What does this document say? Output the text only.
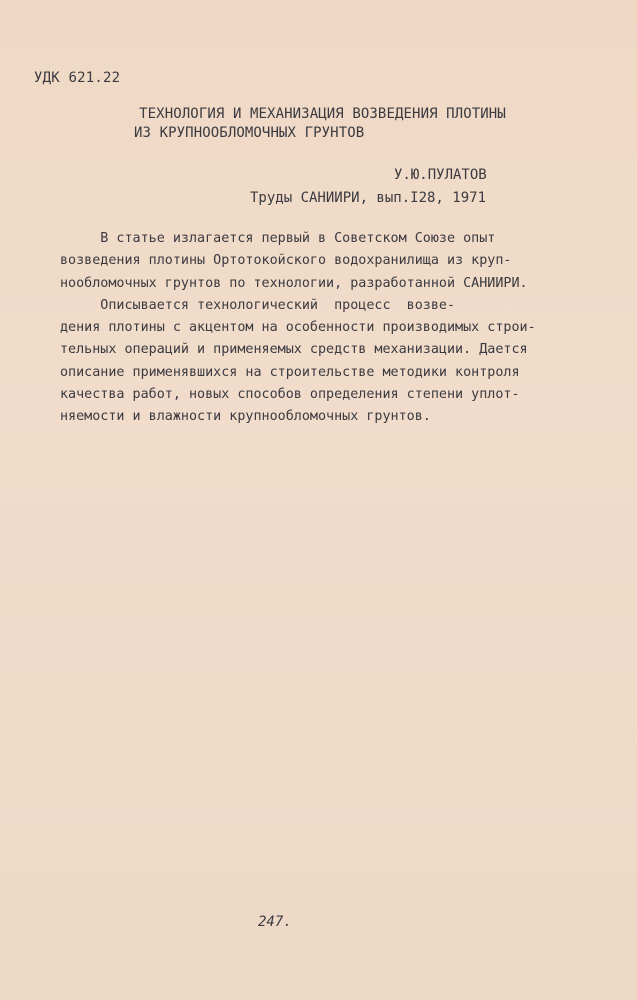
УДК 621.22
ТЕХНОЛОГИЯ И МЕХАНИЗАЦИЯ ВОЗВЕДЕНИЯ ПЛОТИНЫ
ИЗ КРУПНООБЛОМОЧНЫХ ГРУНТОВ
У.Ю.ПУЛАТОВ
Труды САНИИРИ, вып.I28, 1971
В статье излагается первый в Советском Союзе опыт
возведения плотины Ортотокойского водохранилища из круп-
нообломочных грунтов по технологии, разработанной САНИИРИ.
Описывается технологический  процесс  возве-
дения плотины с акцентом на особенности производимых строи-
тельных операций и применяемых средств механизации. Дается
описание применявшихся на строительстве методики контроля
качества работ, новых способов определения степени уплот-
няемости и влажности крупнообломочных грунтов.
247.
